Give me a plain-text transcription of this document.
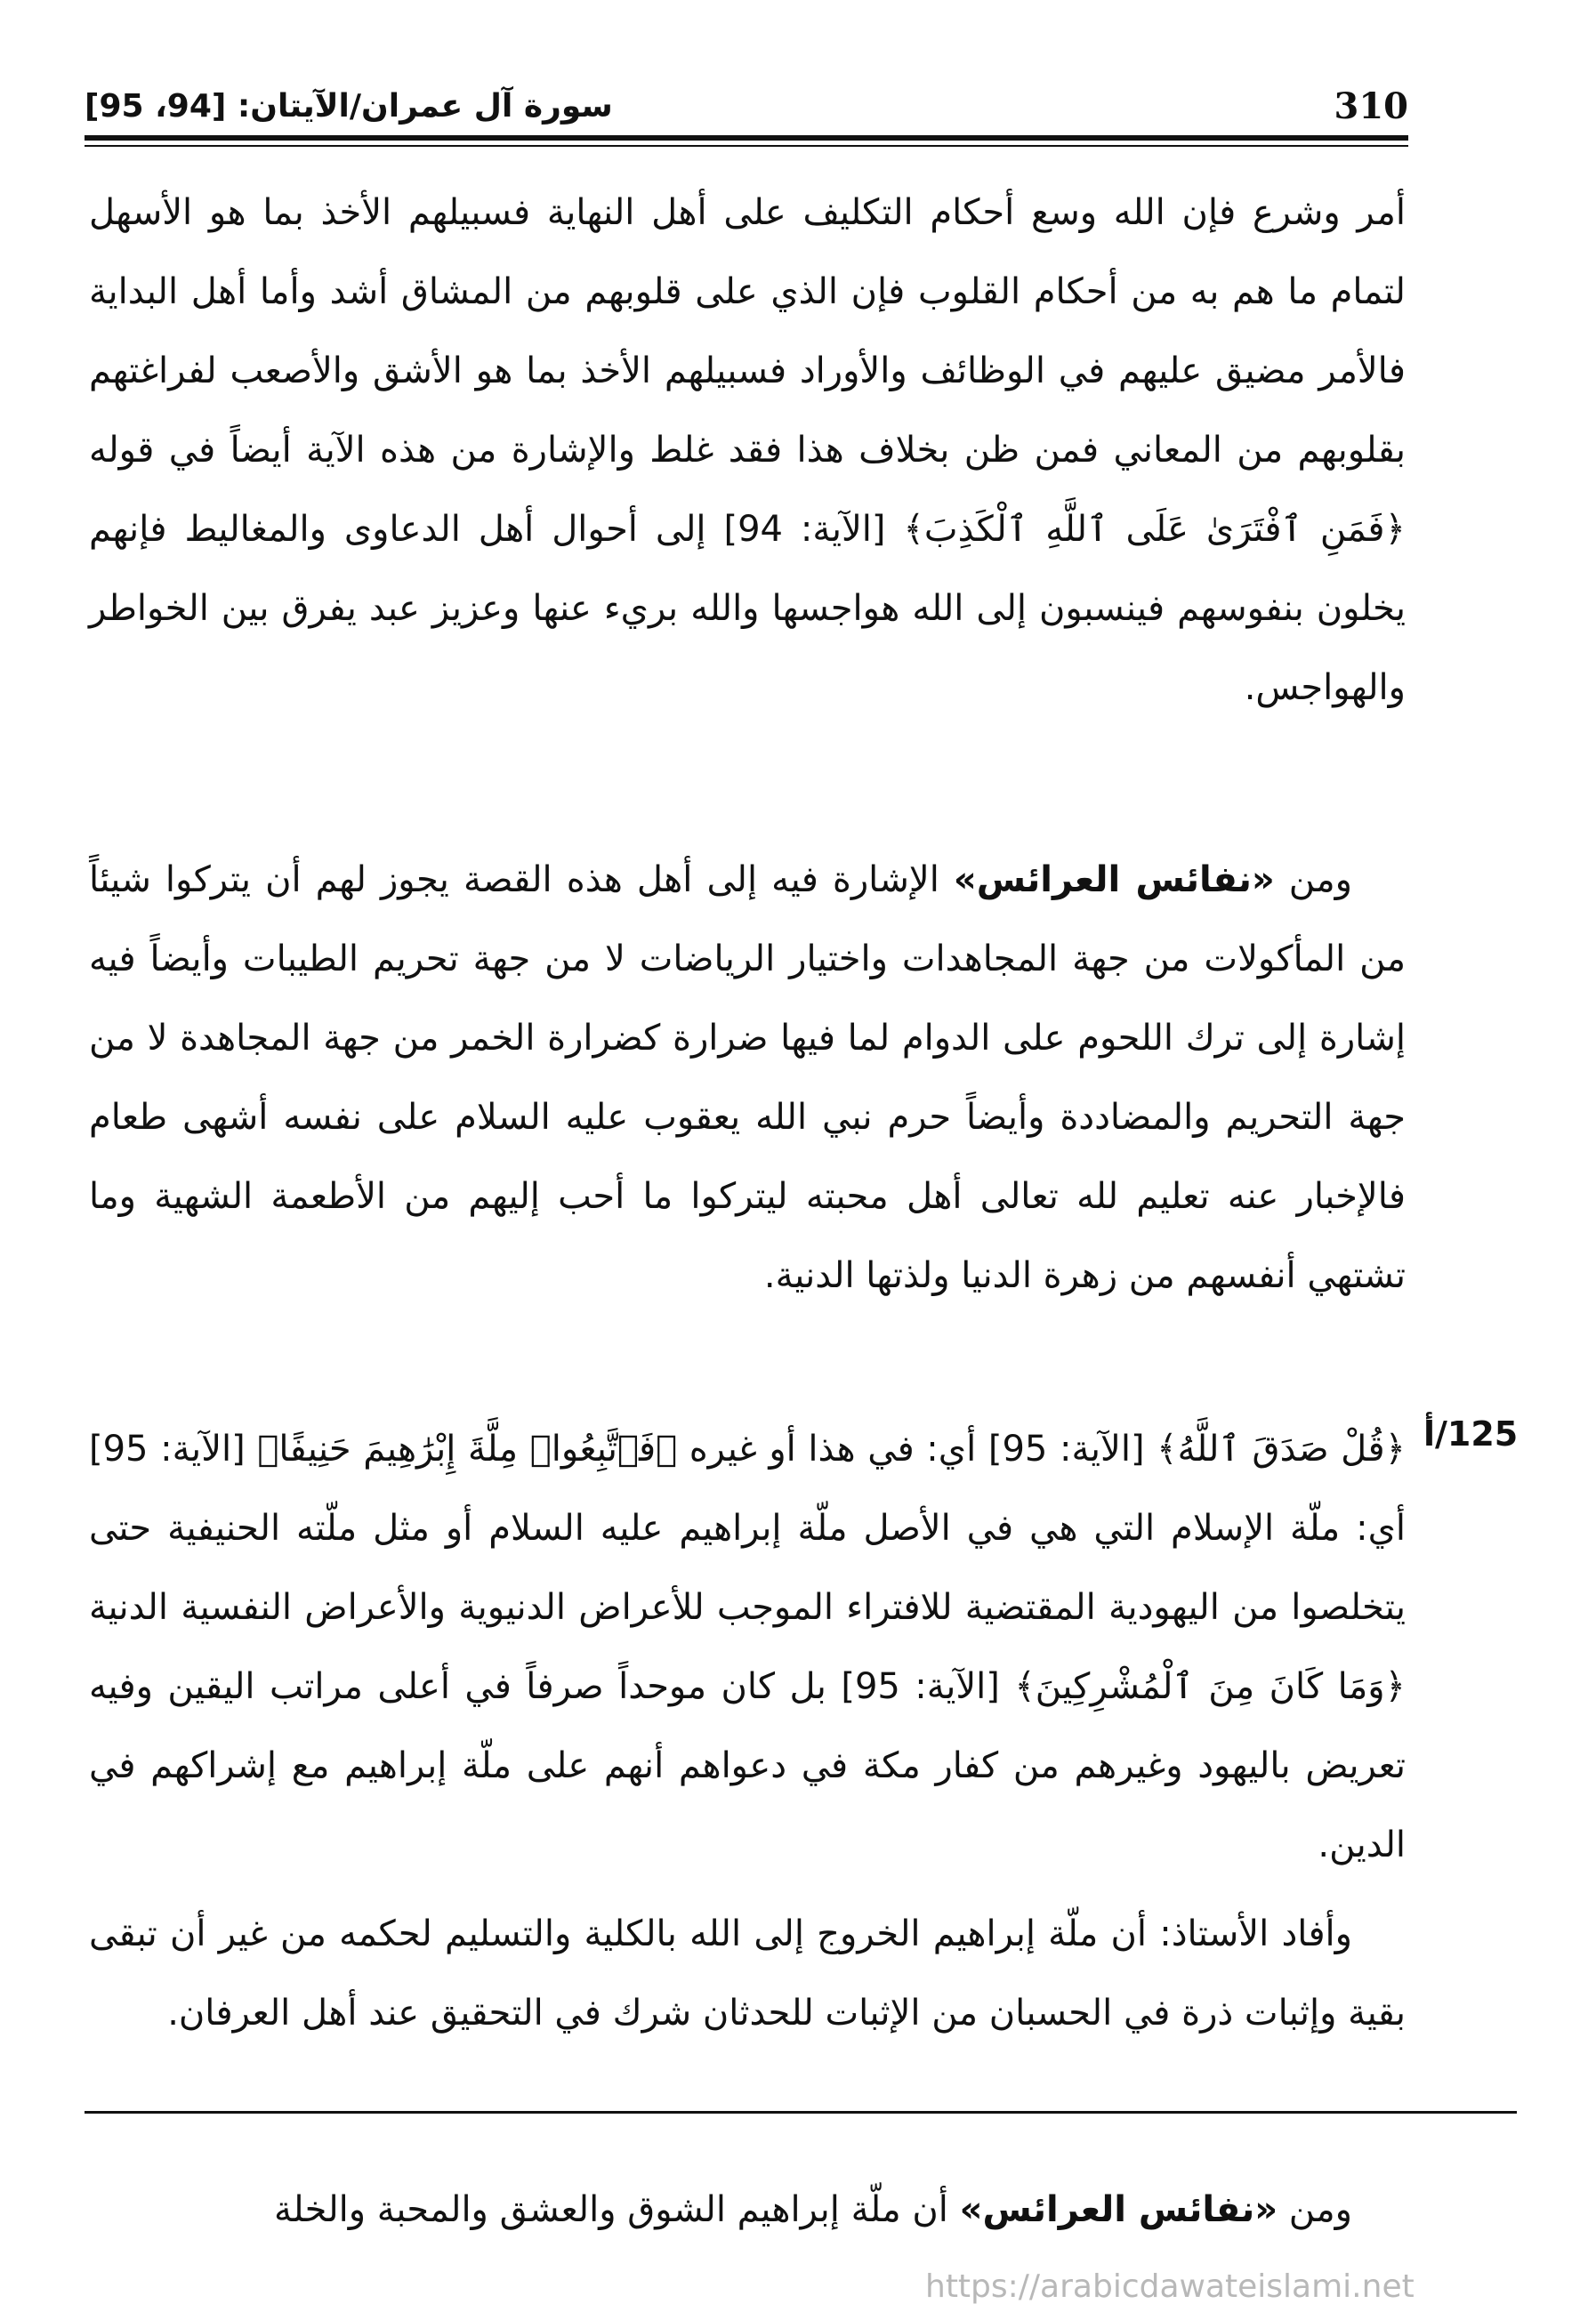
310
سورة آل عمران/الآيتان: [94، 95]
أمر وشرع فإن الله وسع أحكام التكليف على أهل النهاية فسبيلهم الأخذ بما هو الأسهل لتمام ما هم به من أحكام القلوب فإن الذي على قلوبهم من المشاق أشد وأما أهل البداية فالأمر مضيق عليهم في الوظائف والأوراد فسبيلهم الأخذ بما هو الأشق والأصعب لفراغتهم بقلوبهم من المعاني فمن ظن بخلاف هذا فقد غلط والإشارة من هذه الآية أيضاً في قوله ﴿فَمَنِ ٱفْتَرَىٰ عَلَى ٱللَّهِ ٱلْكَذِبَ﴾ [الآية: 94] إلى أحوال أهل الدعاوى والمغاليط فإنهم يخلون بنفوسهم فينسبون إلى الله هواجسها والله بريء عنها وعزيز عبد يفرق بين الخواطر والهواجس.
ومن «نفائس العرائس» الإشارة فيه إلى أهل هذه القصة يجوز لهم أن يتركوا شيئاً من المأكولات من جهة المجاهدات واختيار الرياضات لا من جهة تحريم الطيبات وأيضاً فيه إشارة إلى ترك اللحوم على الدوام لما فيها ضرارة كضرارة الخمر من جهة المجاهدة لا من جهة التحريم والمضاددة وأيضاً حرم نبي الله يعقوب عليه السلام على نفسه أشهى طعام فالإخبار عنه تعليم لله تعالى أهل محبته ليتركوا ما أحب إليهم من الأطعمة الشهية وما تشتهي أنفسهم من زهرة الدنيا ولذتها الدنية.
125/أ
﴿قُلْ صَدَقَ ٱللَّهُ﴾ [الآية: 95] أي: في هذا أو غيره ﴿فَٱتَّبِعُوا۟ مِلَّةَ إِبْرَٰهِيمَ حَنِيفًا﴾ [الآية: 95] أي: ملّة الإسلام التي هي في الأصل ملّة إبراهيم عليه السلام أو مثل ملّته الحنيفية حتى يتخلصوا من اليهودية المقتضية للافتراء الموجب للأعراض الدنيوية والأعراض النفسية الدنية ﴿وَمَا كَانَ مِنَ ٱلْمُشْرِكِينَ﴾ [الآية: 95] بل كان موحداً صرفاً في أعلى مراتب اليقين وفيه تعريض باليهود وغيرهم من كفار مكة في دعواهم أنهم على ملّة إبراهيم مع إشراكهم في الدين.
وأفاد الأستاذ: أن ملّة إبراهيم الخروج إلى الله بالكلية والتسليم لحكمه من غير أن تبقى بقية وإثبات ذرة في الحسبان من الإثبات للحدثان شرك في التحقيق عند أهل العرفان.
ومن «نفائس العرائس» أن ملّة إبراهيم الشوق والعشق والمحبة والخلة
https://arabicdawateislami.net
